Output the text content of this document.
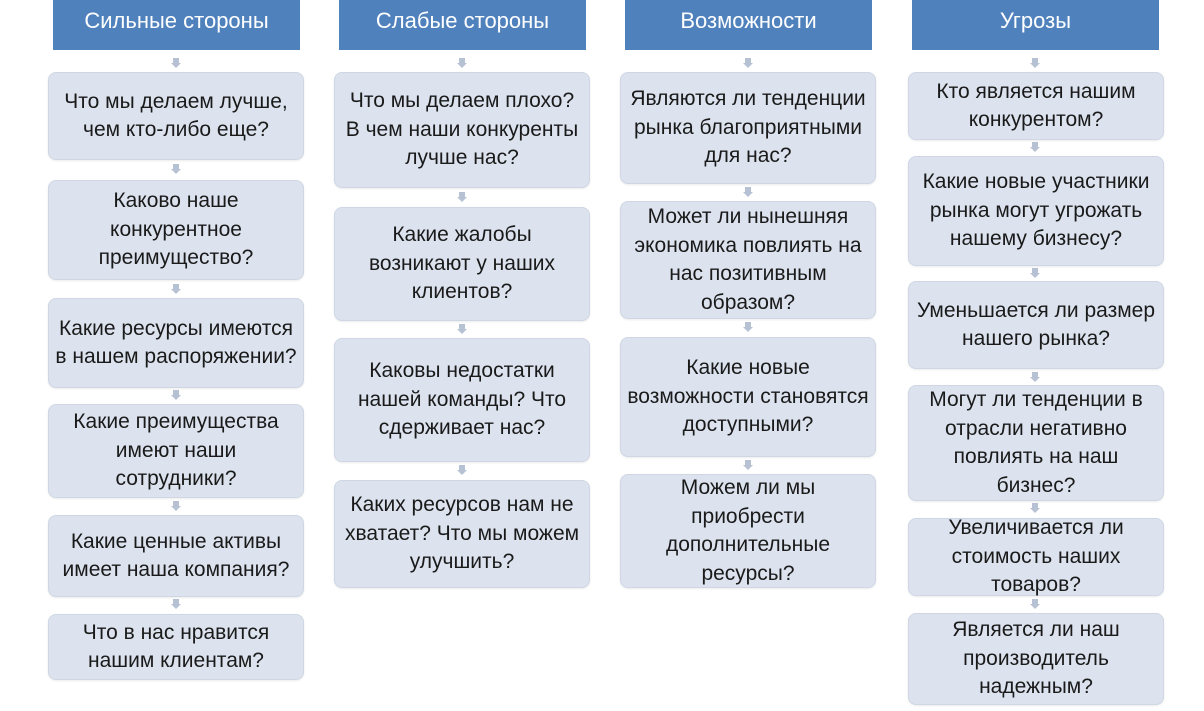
Сильные стороны
Что мы делаем лучше, чем кто-либо еще?
Каково наше конкурентное преимущество?
Какие ресурсы имеются в нашем распоряжении?
Какие преимущества имеют наши сотрудники?
Какие ценные активы имеет наша компания?
Что в нас нравится нашим клиентам?
Слабые стороны
Что мы делаем плохо? В чем наши конкуренты лучше нас?
Какие жалобы возникают у наших клиентов?
Каковы недостатки нашей команды? Что сдерживает нас?
Каких ресурсов нам не хватает? Что мы можем улучшить?
Возможности
Являются ли тенденции рынка благоприятными для нас?
Может ли нынешняя экономика повлиять на нас позитивным образом?
Какие новые возможности становятся доступными?
Можем ли мы приобрести дополнительные ресурсы?
Угрозы
Кто является нашим конкурентом?
Какие новые участники рынка могут угрожать нашему бизнесу?
Уменьшается ли размер нашего рынка?
Могут ли тенденции в отрасли негативно повлиять на наш бизнес?
Увеличивается ли стоимость наших товаров?
Является ли наш производитель надежным?
